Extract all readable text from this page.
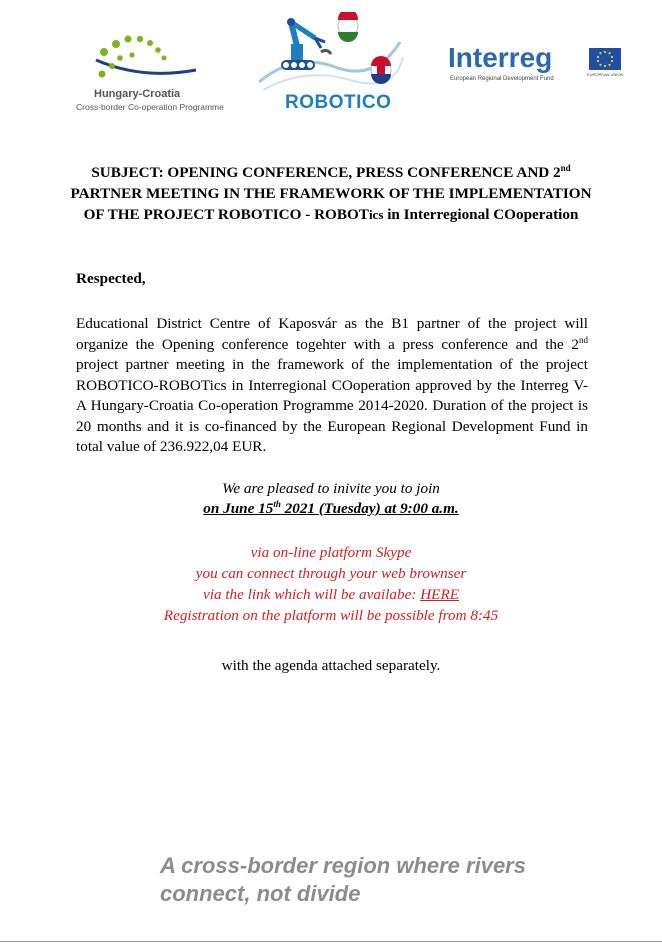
Hungary-Croatia
Cross-border Co-operation Programme	ROBOTICO
Interreg
European Regional Development Fund
EUROPEAN UNION
SUBJECT: OPENING CONFERENCE, PRESS CONFERENCE AND 2nd PARTNER MEETING IN THE FRAMEWORK OF THE IMPLEMENTATION OF THE PROJECT ROBOTICO - ROBOTics in Interregional COoperation
Respected,
Educational District Centre of Kaposvár as the B1 partner of the project will organize the Opening conference togehter with a press conference and the 2nd project partner meeting in the framework of the implementation of the project ROBOTICO-ROBOTics in Interregional COoperation approved by the Interreg V-A Hungary-Croatia Co-operation Programme 2014-2020. Duration of the project is 20 months and it is co-financed by the European Regional Development Fund in total value of 236.922,04 EUR.
We are pleased to inivite you to join
on June 15th 2021 (Tuesday) at 9:00 a.m.
via on-line platform Skype
you can connect through your web brownser
via the link which will be availabe: HERE
Registration on the platform will be possible from 8:45
with the agenda attached separately.
A cross-border region where rivers
connect, not divide
